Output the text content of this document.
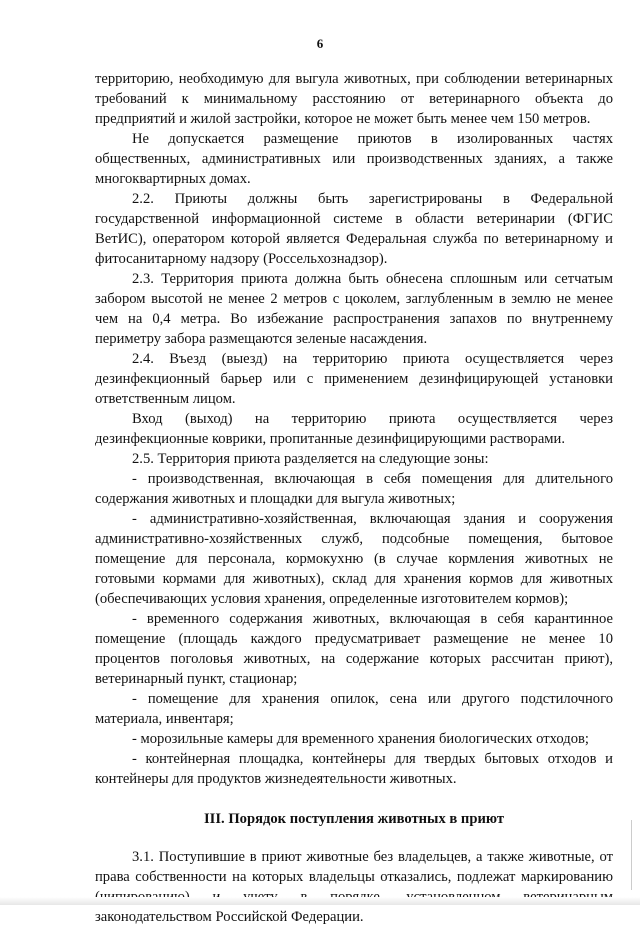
6

территорию, необходимую для выгула животных, при соблюдении ветеринарных требований к минимальному расстоянию от ветеринарного объекта до предприятий и жилой застройки, которое не может быть менее чем 150 метров.

Не допускается размещение приютов в изолированных частях общественных, административных или производственных зданиях, а также многоквартирных домах.

2.2. Приюты должны быть зарегистрированы в Федеральной государственной информационной системе в области ветеринарии (ФГИС ВетИС), оператором которой является Федеральная служба по ветеринарному и фитосанитарному надзору (Россельхознадзор).

2.3. Территория приюта должна быть обнесена сплошным или сетчатым забором высотой не менее 2 метров с цоколем, заглубленным в землю не менее чем на 0,4 метра. Во избежание распространения запахов по внутреннему периметру забора размещаются зеленые насаждения.

2.4. Въезд (выезд) на территорию приюта осуществляется через дезинфекционный барьер или с применением дезинфицирующей установки ответственным лицом.

Вход (выход) на территорию приюта осуществляется через дезинфекционные коврики, пропитанные дезинфицирующими растворами.

2.5. Территория приюта разделяется на следующие зоны:

- производственная, включающая в себя помещения для длительного содержания животных и площадки для выгула животных;

- административно-хозяйственная, включающая здания и сооружения административно-хозяйственных служб, подсобные помещения, бытовое помещение для персонала, кормокухню (в случае кормления животных не готовыми кормами для животных), склад для хранения кормов для животных (обеспечивающих условия хранения, определенные изготовителем кормов);

- временного содержания животных, включающая в себя карантинное помещение (площадь каждого предусматривает размещение не менее 10 процентов поголовья животных, на содержание которых рассчитан приют), ветеринарный пункт, стационар;

- помещение для хранения опилок, сена или другого подстилочного материала, инвентаря;

- морозильные камеры для временного хранения биологических отходов;

- контейнерная площадка, контейнеры для твердых бытовых отходов и контейнеры для продуктов жизнедеятельности животных.

III. Порядок поступления животных в приют

3.1. Поступившие в приют животные без владельцев, а также животные, от права собственности на которых владельцы отказались, подлежат маркированию законодательством Российской Федерации.
